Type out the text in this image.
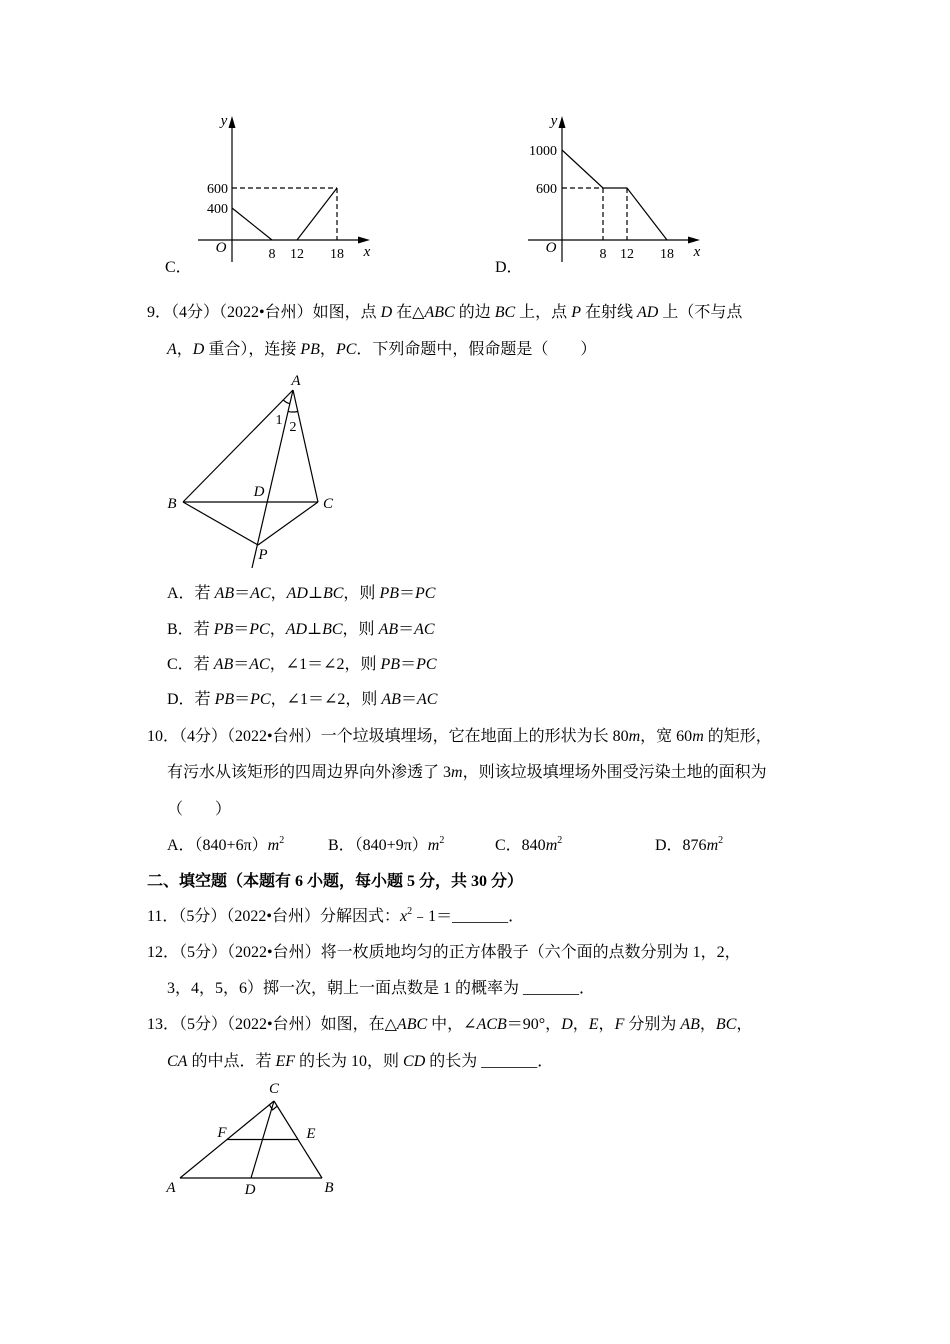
y
600
400
O	8 12 18 x
C．
y
1000
600
O	8 12 18 x
D．
9．（4分）（2022•台州）如图，点 D 在△ABC 的边 BC 上，点 P 在射线 AD 上（不与点
A，D 重合），连接 PB，PC．下列命题中，假命题是（　　）
A
B	C
D
P
1 2
A．若 AB＝AC，AD⊥BC，则 PB＝PC
B．若 PB＝PC，AD⊥BC，则 AB＝AC
C．若 AB＝AC，∠1＝∠2，则 PB＝PC
D．若 PB＝PC，∠1＝∠2，则 AB＝AC
10．（4分）（2022•台州）一个垃圾填埋场，它在地面上的形状为长 80m，宽 60m 的矩形，
有污水从该矩形的四周边界向外渗透了 3m，则该垃圾填埋场外围受污染土地的面积为
（　　）
A．$(840+6\pi)m^2$	B．$(840+9\pi)m^2$	C．$840m^2$	D．$876m^2$
二、填空题（本题有 6 小题，每小题 5 分，共 30 分）
11．（5分）（2022•台州）分解因式：$x^2﹣1=\_\_\_\_\_\_\_$．
12．（5分）（2022•台州）将一枚质地均匀的正方体骰子（六个面的点数分别为 1，2，
3，4，5，6）掷一次，朝上一面点数是 1 的概率为 _______．
13．（5分）（2022•台州）如图，在△ABC 中，∠ACB＝90°，D，E，F 分别为 AB，BC，
CA 的中点．若 EF 的长为 10，则 CD 的长为 _______．
C
F	E
A	D	B
